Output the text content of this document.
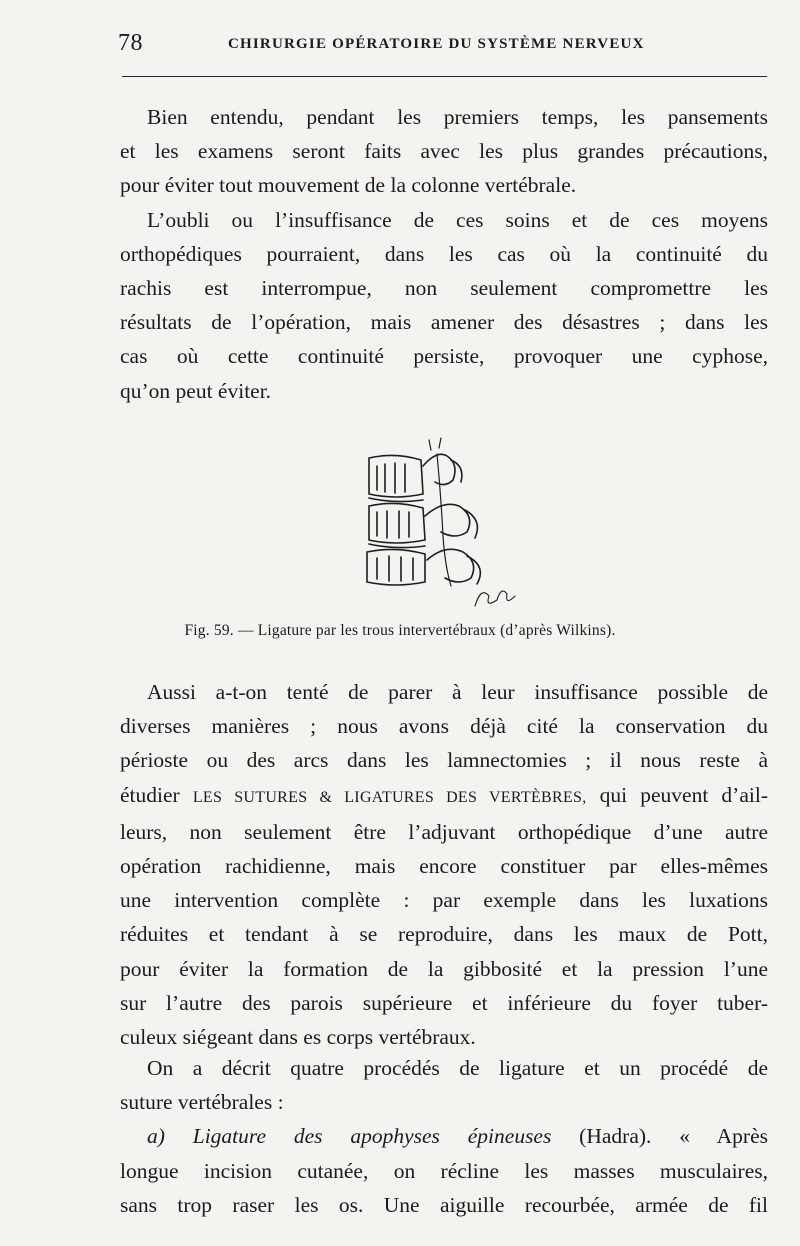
78	CHIRURGIE OPÉRATOIRE DU SYSTÈME NERVEUX
Bien entendu, pendant les premiers temps, les pansements
et les examens seront faits avec les plus grandes précautions,
pour éviter tout mouvement de la colonne vertébrale.
L’oubli ou l’insuffisance de ces soins et de ces moyens
orthopédiques pourraient, dans les cas où la continuité du
rachis est interrompue, non seulement compromettre les
résultats de l’opération, mais amener des désastres ; dans les
cas où cette continuité persiste, provoquer une cyphose,
qu’on peut éviter.
Fig. 59. — Ligature par les trous intervertébraux (d’après Wilkins).
Aussi a-t-on tenté de parer à leur insuffisance possible de
diverses manières ; nous avons déjà cité la conservation du
périoste ou des arcs dans les lamnectomies ; il nous reste à
étudier LES SUTURES & LIGATURES DES VERTÈBRES, qui peuvent d’ail-
leurs, non seulement être l’adjuvant orthopédique d’une autre
opération rachidienne, mais encore constituer par elles-mêmes
une intervention complète : par exemple dans les luxations
réduites et tendant à se reproduire, dans les maux de Pott,
pour éviter la formation de la gibbosité et la pression l’une
sur l’autre des parois supérieure et inférieure du foyer tuber-
culeux siégeant dans es corps vertébraux.
On a décrit quatre procédés de ligature et un procédé de
suture vertébrales :
a) Ligature des apophyses épineuses (Hadra). « Après
longue incision cutanée, on récline les masses musculaires,
sans trop raser les os. Une aiguille recourbée, armée de fil
